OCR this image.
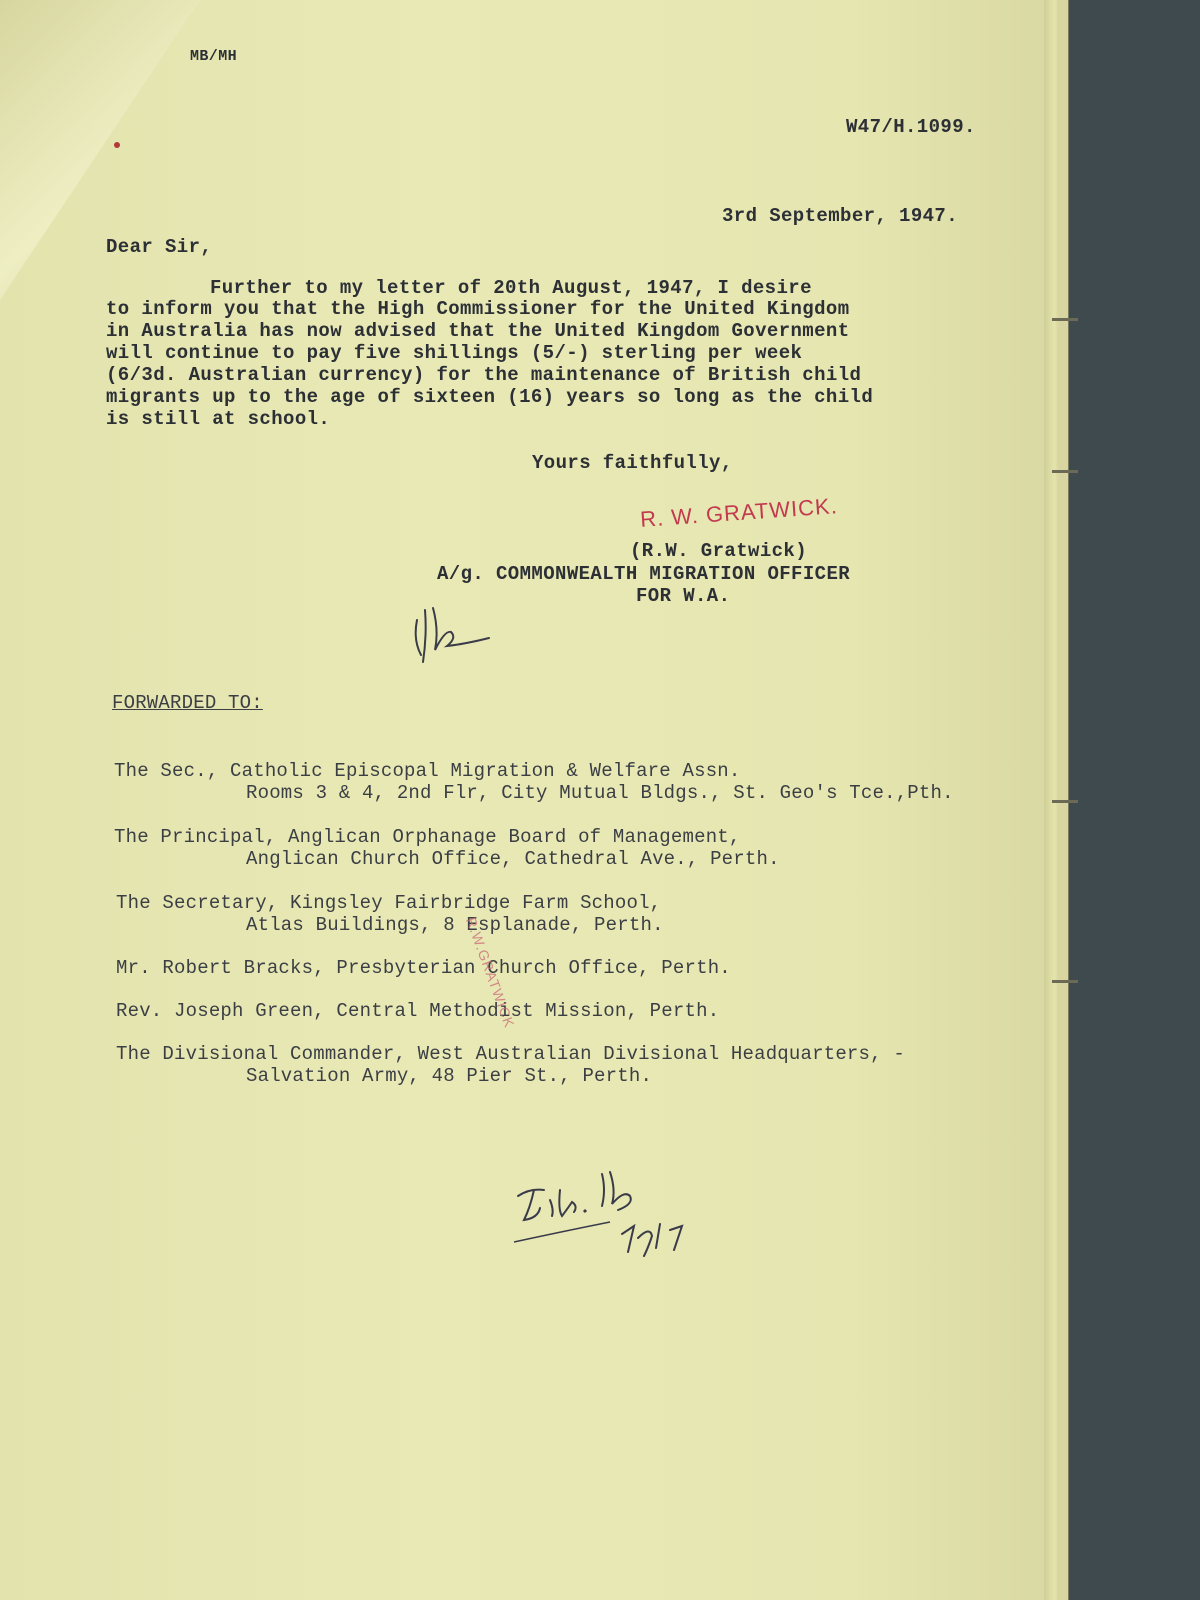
MB/MH
W47/H.1099.
3rd September, 1947.
Dear Sir,
Further to my letter of 20th August, 1947, I desire
to inform you that the High Commissioner for the United Kingdom
in Australia has now advised that the United Kingdom Government
will continue to pay five shillings (5/-) sterling per week
(6/3d. Australian currency) for the maintenance of British child
migrants up to the age of sixteen (16) years so long as the child
is still at school.
Yours faithfully,
R. W. GRATWICK.
(R.W. Gratwick)
A/g. COMMONWEALTH MIGRATION OFFICER
FOR W.A.
FORWARDED TO:
The Sec., Catholic Episcopal Migration & Welfare Assn.
Rooms 3 & 4, 2nd Flr, City Mutual Bldgs., St. Geo's Tce.,Pth.
The Principal, Anglican Orphanage Board of Management,
Anglican Church Office, Cathedral Ave., Perth.
The Secretary, Kingsley Fairbridge Farm School,
Atlas Buildings, 8 Esplanade, Perth.
Mr. Robert Bracks, Presbyterian Church Office, Perth.
Rev. Joseph Green, Central Methodist Mission, Perth.
The Divisional Commander, West Australian Divisional Headquarters, -
Salvation Army, 48 Pier St., Perth.
R.W.GRATWICK
